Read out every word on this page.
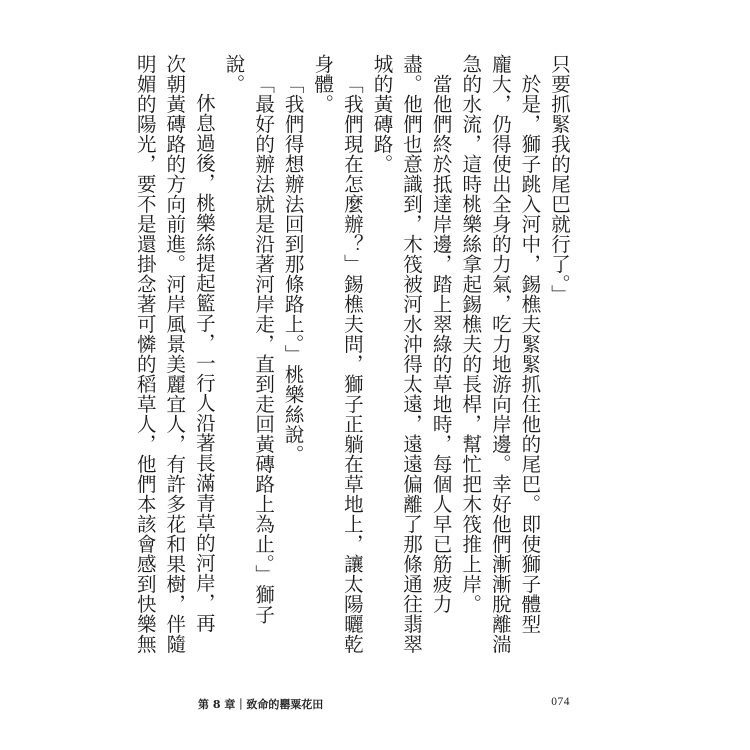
只要抓緊我的尾巴就行了。」
於是，獅子跳入河中，錫樵夫緊緊抓住他的尾巴。即使獅子體型
龐大，仍得使出全身的力氣，吃力地游向岸邊。幸好他們漸漸脫離湍
急的水流，這時桃樂絲拿起錫樵夫的長桿，幫忙把木筏推上岸。
當他們終於抵達岸邊，踏上翠綠的草地時，每個人早已筋疲力
盡。他們也意識到，木筏被河水沖得太遠，遠遠偏離了那條通往翡翠
城的黃磚路。
「我們現在怎麼辦？」錫樵夫問，獅子正躺在草地上，讓太陽曬乾
身體。
「我們得想辦法回到那條路上。」桃樂絲說。
「最好的辦法就是沿著河岸走，直到走回黃磚路上為止。」獅子
說。
休息過後，桃樂絲提起籃子，一行人沿著長滿青草的河岸，再
次朝黃磚路的方向前進。河岸風景美麗宜人，有許多花和果樹，伴隨
明媚的陽光，要不是還掛念著可憐的稻草人，他們本該會感到快樂無
第 8 章｜致命的罌粟花田	074
